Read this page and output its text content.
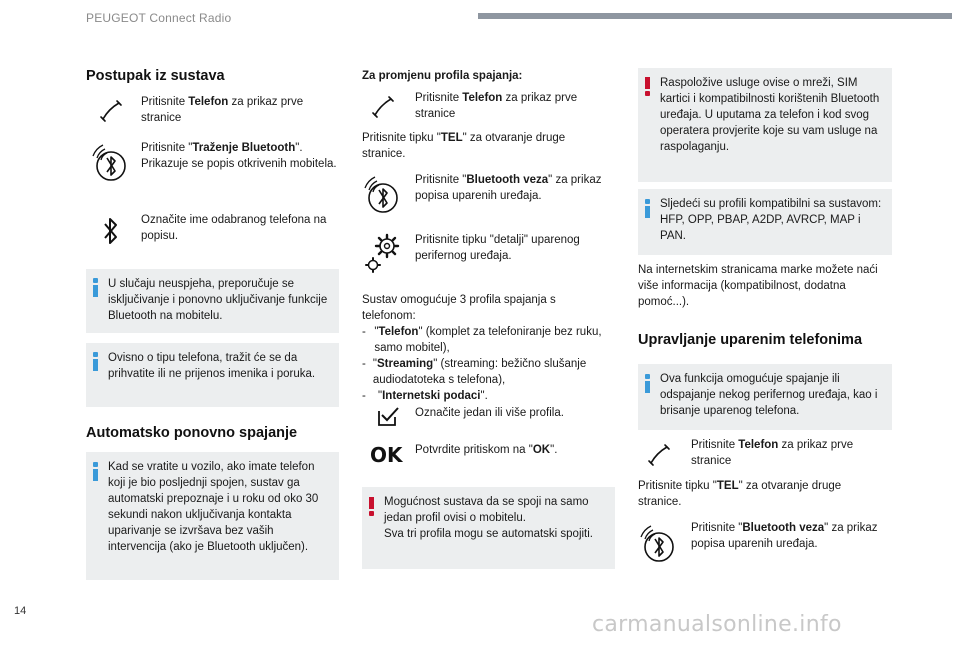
PEUGEOT Connect Radio
Postupak iz sustava
Pritisnite Telefon za prikaz prve stranice
Pritisnite "Traženje Bluetooth". Prikazuje se popis otkrivenih mobitela.
Označite ime odabranog telefona na popisu.
U slučaju neuspjeha, preporučuje se isključivanje i ponovno uključivanje funkcije Bluetooth na mobitelu.
Ovisno o tipu telefona, tražit će se da prihvatite ili ne prijenos imenika i poruka.
Automatsko ponovno spajanje
Kad se vratite u vozilo, ako imate telefon koji je bio posljednji spojen, sustav ga automatski prepoznaje i u roku od oko 30 sekundi nakon uključivanja kontakta uparivanje se izvršava bez vaših intervencija (ako je Bluetooth uključen).
Za promjenu profila spajanja:
Pritisnite Telefon za prikaz prve stranice
Pritisnite tipku "TEL" za otvaranje druge stranice.
Pritisnite "Bluetooth veza" za prikaz popisa uparenih uređaja.
Pritisnite tipku "detalji" uparenog perifernog uređaja.
Sustav omogućuje 3 profila spajanja s telefonom:
- "Telefon" (komplet za telefoniranje bez ruku, samo mobitel),
- "Streaming" (streaming: bežično slušanje audiodatoteka s telefona),
-	"Internetski podaci".
Označite jedan ili više profila.
OK Potvrdite pritiskom na "OK".
Mogućnost sustava da se spoji na samo jedan profil ovisi o mobitelu.
Sva tri profila mogu se automatski spojiti.
Raspoložive usluge ovise o mreži, SIM kartici i kompatibilnosti korištenih Bluetooth uređaja. U uputama za telefon i kod svog operatera provjerite koje su vam usluge na raspolaganju.
Sljedeći su profili kompatibilni sa sustavom: HFP, OPP, PBAP, A2DP, AVRCP, MAP i PAN.
Na internetskim stranicama marke možete naći više informacija (kompatibilnost, dodatna pomoć...).
Upravljanje uparenim telefonima
Ova funkcija omogućuje spajanje ili odspajanje nekog perifernog uređaja, kao i brisanje uparenog telefona.
Pritisnite Telefon za prikaz prve stranice
Pritisnite tipku "TEL" za otvaranje druge stranice.
Pritisnite "Bluetooth veza" za prikaz popisa uparenih uređaja.
14
carmanualsonline.info
